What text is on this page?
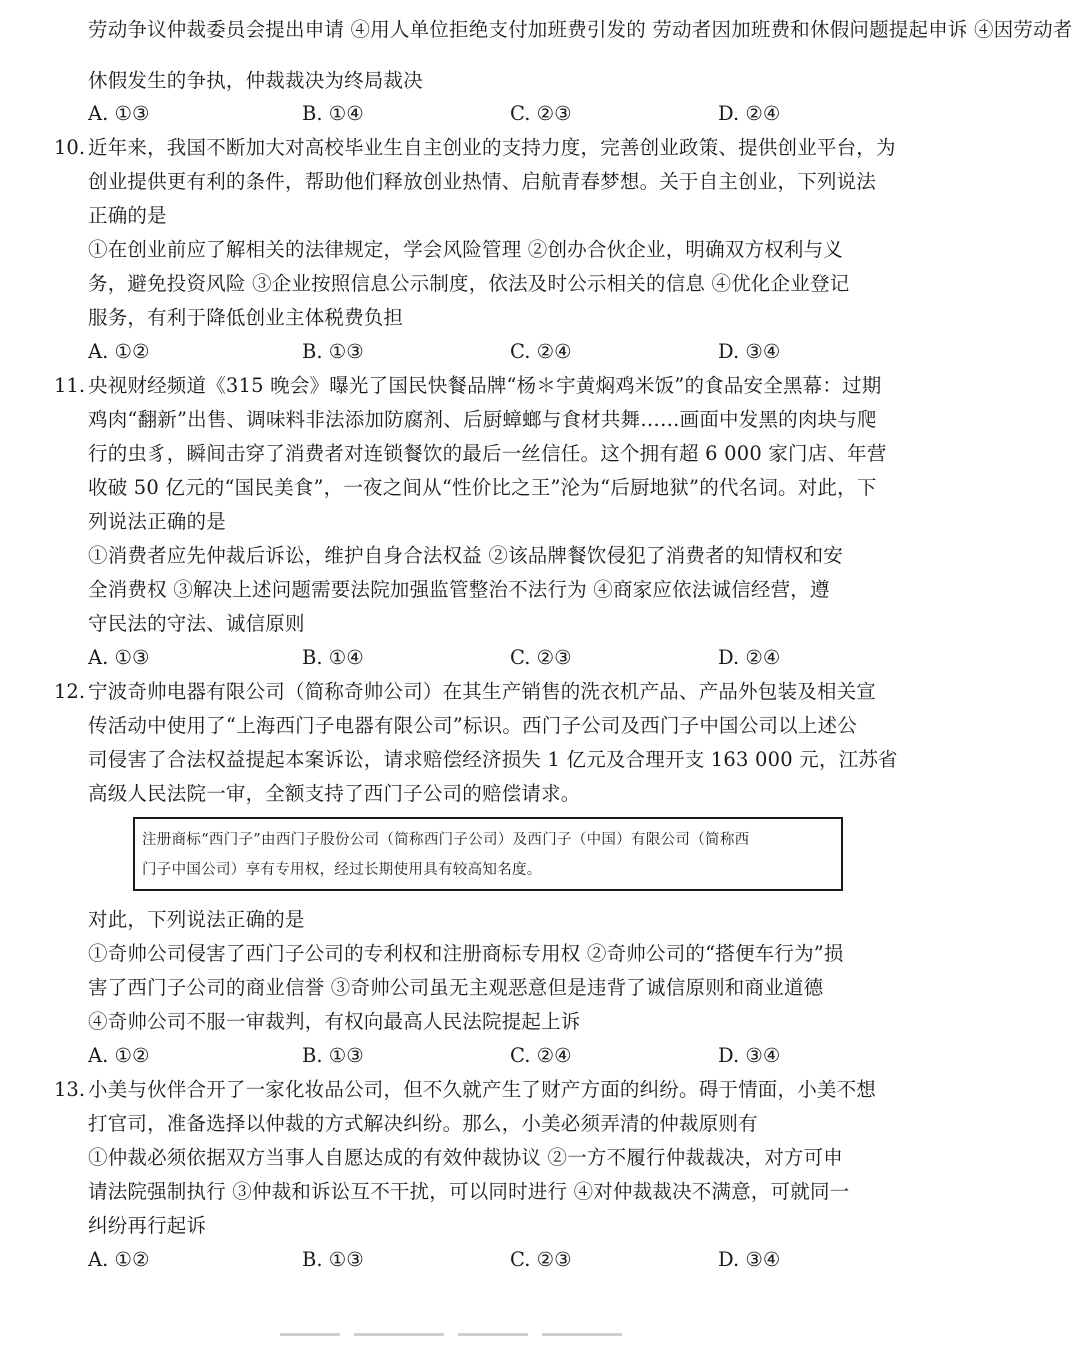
劳动争议仲裁委员会提出申请 ④用人单位拒绝支付加班费引发的 劳动者因加班费和休假问题提起申诉 ④因劳动者
休假发生的争执，仲裁裁决为终局裁决
A. ①③	B. ①④	C. ②③	D. ②④
10. 近年来，我国不断加大对高校毕业生自主创业的支持力度，完善创业政策、提供创业平台，为
创业提供更有利的条件，帮助他们释放创业热情、启航青春梦想。关于自主创业，下列说法
正确的是
①在创业前应了解相关的法律规定，学会风险管理 ②创办合伙企业，明确双方权利与义
务，避免投资风险 ③企业按照信息公示制度，依法及时公示相关的信息 ④优化企业登记
服务，有利于降低创业主体税费负担
A. ①②	B. ①③	C. ②④	D. ③④
11. 央视财经频道《315 晚会》曝光了国民快餐品牌“杨＊宇黄焖鸡米饭”的食品安全黑幕：过期
鸡肉“翻新”出售、调味料非法添加防腐剂、后厨蟑螂与食材共舞……画面中发黑的肉块与爬
行的虫豸，瞬间击穿了消费者对连锁餐饮的最后一丝信任。这个拥有超 6 000 家门店、年营
收破 50 亿元的“国民美食”，一夜之间从“性价比之王”沦为“后厨地狱”的代名词。对此，下
列说法正确的是
①消费者应先仲裁后诉讼，维护自身合法权益 ②该品牌餐饮侵犯了消费者的知情权和安
全消费权 ③解决上述问题需要法院加强监管整治不法行为 ④商家应依法诚信经营，遵
守民法的守法、诚信原则
A. ①③	B. ①④	C. ②③	D. ②④
12. 宁波奇帅电器有限公司（简称奇帅公司）在其生产销售的洗衣机产品、产品外包装及相关宣
传活动中使用了“上海西门子电器有限公司”标识。西门子公司及西门子中国公司以上述公
司侵害了合法权益提起本案诉讼，请求赔偿经济损失 1 亿元及合理开支 163 000 元，江苏省
高级人民法院一审，全额支持了西门子公司的赔偿请求。
注册商标“西门子”由西门子股份公司（简称西门子公司）及西门子（中国）有限公司（简称西
门子中国公司）享有专用权，经过长期使用具有较高知名度。
对此，下列说法正确的是
①奇帅公司侵害了西门子公司的专利权和注册商标专用权 ②奇帅公司的“搭便车行为”损
害了西门子公司的商业信誉 ③奇帅公司虽无主观恶意但是违背了诚信原则和商业道德
④奇帅公司不服一审裁判，有权向最高人民法院提起上诉
A. ①②	B. ①③	C. ②④	D. ③④
13. 小美与伙伴合开了一家化妆品公司，但不久就产生了财产方面的纠纷。碍于情面，小美不想
打官司，准备选择以仲裁的方式解决纠纷。那么，小美必须弄清的仲裁原则有
①仲裁必须依据双方当事人自愿达成的有效仲裁协议 ②一方不履行仲裁裁决，对方可申
请法院强制执行 ③仲裁和诉讼互不干扰，可以同时进行 ④对仲裁裁决不满意，可就同一
纠纷再行起诉
A. ①②	B. ①③	C. ②③	D. ③④
